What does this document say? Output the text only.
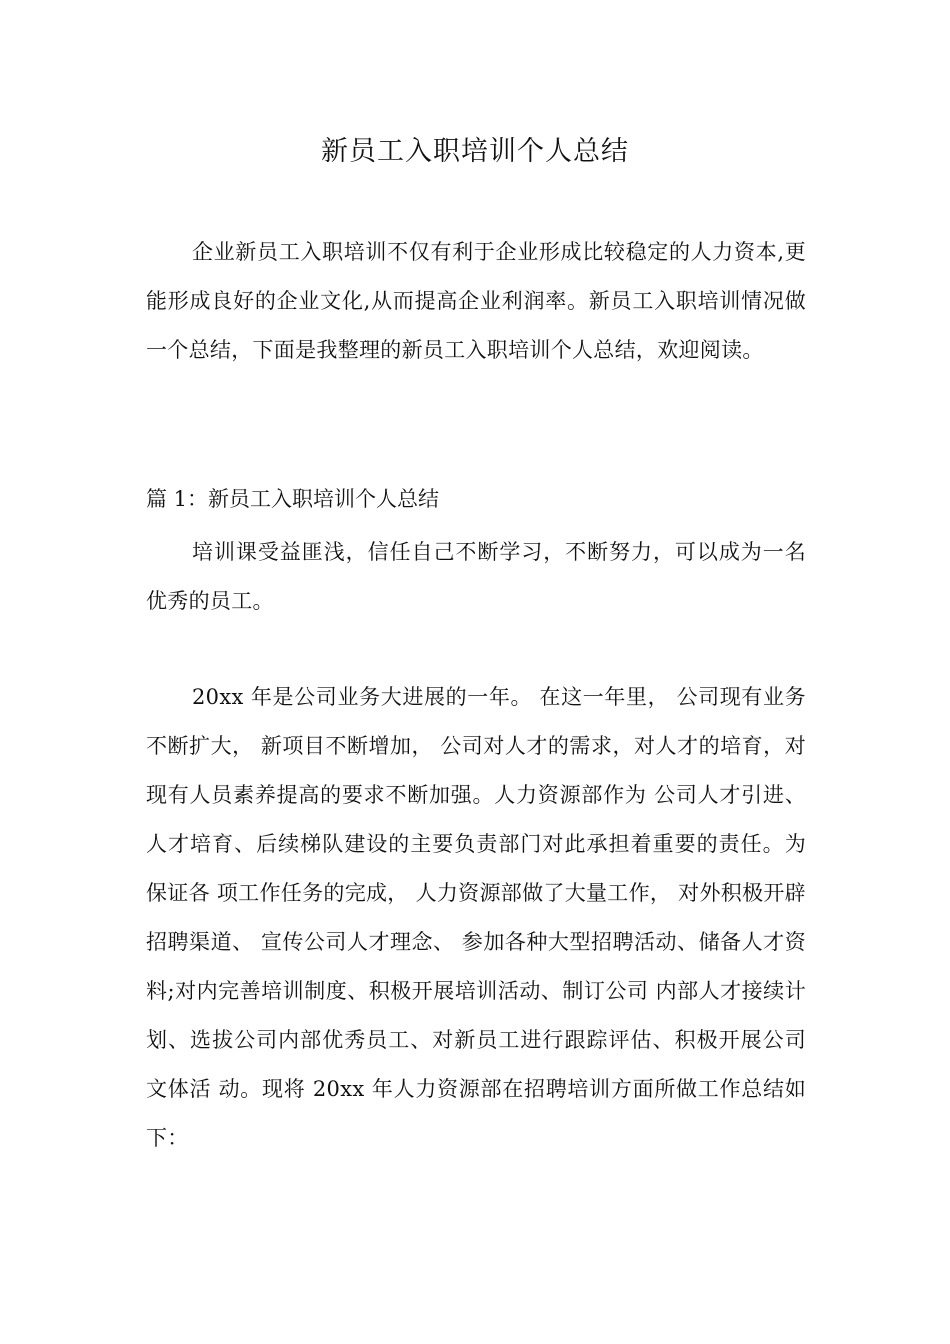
新员工入职培训个人总结
企业新员工入职培训不仅有利于企业形成比较稳定的人力资本,更能形成良好的企业文化,从而提高企业利润率。新员工入职培训情况做一个总结，下面是我整理的新员工入职培训个人总结，欢迎阅读。
篇 1：新员工入职培训个人总结
培训课受益匪浅，信任自己不断学习，不断努力，可以成为一名优秀的员工。
20xx 年是公司业务大进展的一年。 在这一年里， 公司现有业务不断扩大， 新项目不断增加， 公司对人才的需求，对人才的培育，对现有人员素养提高的要求不断加强。人力资源部作为 公司人才引进、人才培育、后续梯队建设的主要负责部门对此承担着重要的责任。为保证各 项工作任务的完成， 人力资源部做了大量工作， 对外积极开辟招聘渠道、 宣传公司人才理念、 参加各种大型招聘活动、储备人才资料;对内完善培训制度、积极开展培训活动、制订公司 内部人才接续计划、选拔公司内部优秀员工、对新员工进行跟踪评估、积极开展公司文体活 动。现将 20xx 年人力资源部在招聘培训方面所做工作总结如下：
